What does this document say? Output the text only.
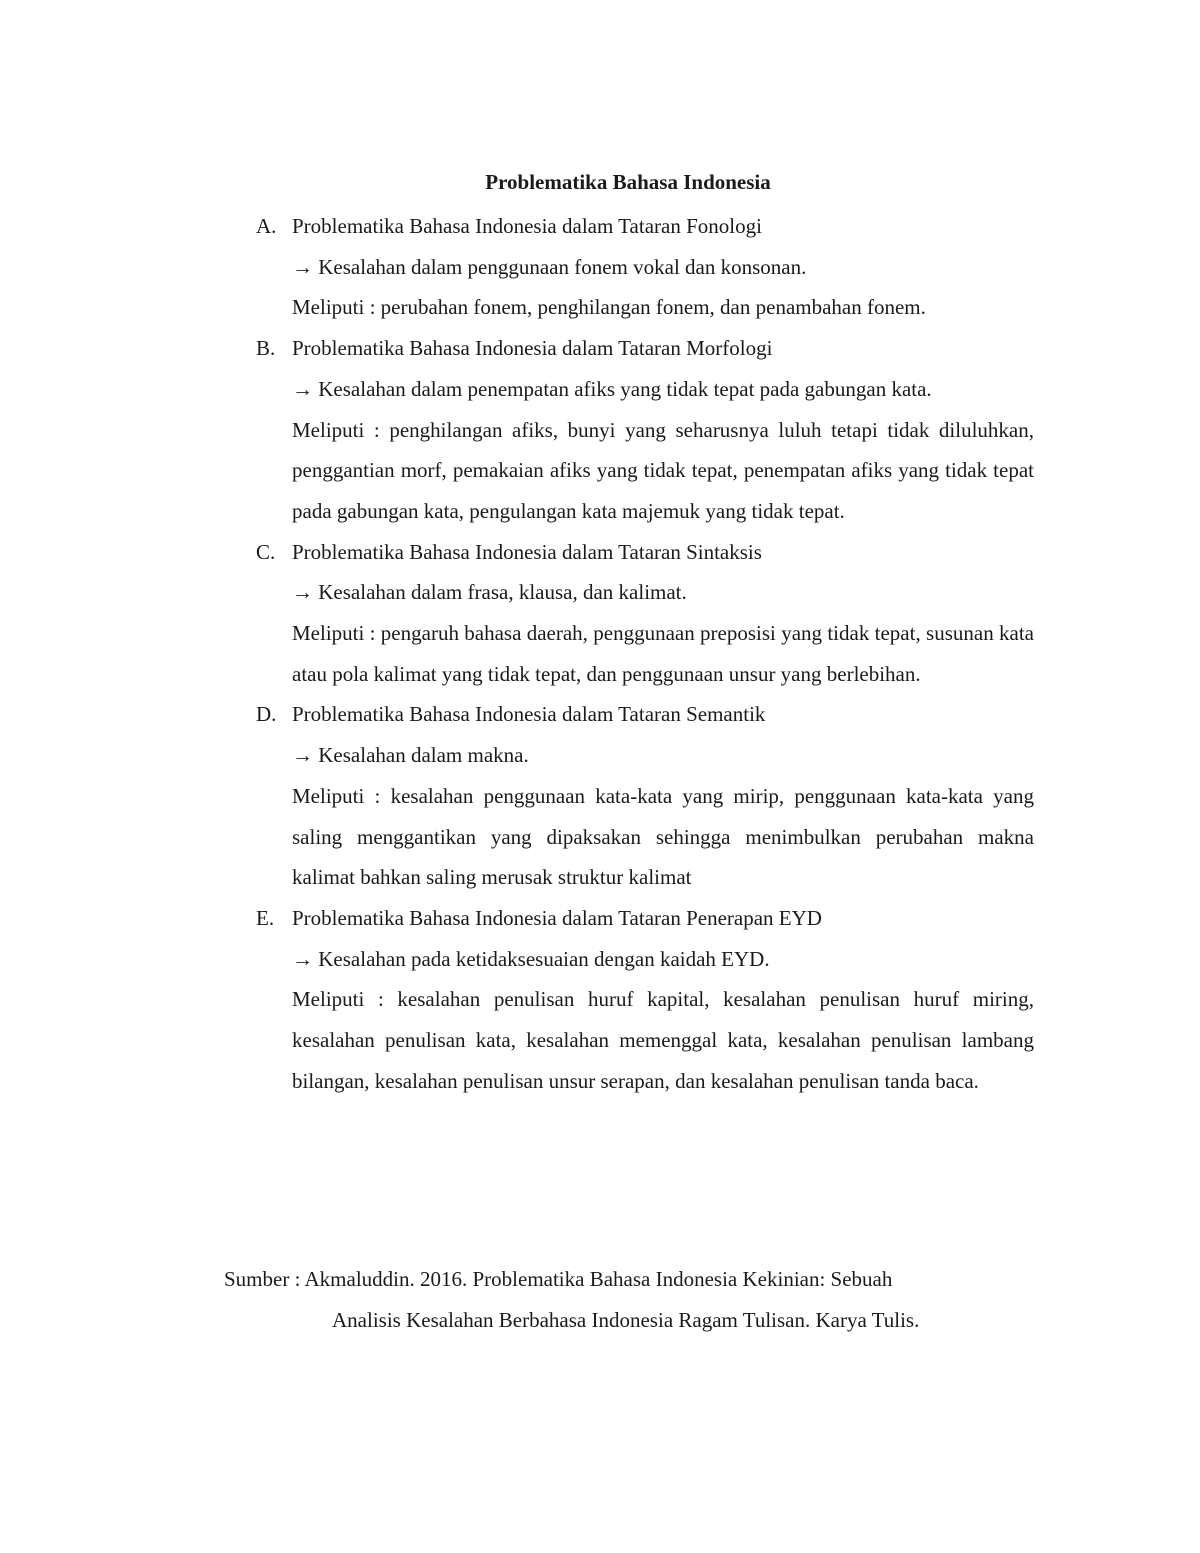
Problematika Bahasa Indonesia
A. Problematika Bahasa Indonesia dalam Tataran Fonologi
→ Kesalahan dalam penggunaan fonem vokal dan konsonan.
Meliputi : perubahan fonem, penghilangan fonem, dan penambahan fonem.
B. Problematika Bahasa Indonesia dalam Tataran Morfologi
→ Kesalahan dalam penempatan afiks yang tidak tepat pada gabungan kata.
Meliputi : penghilangan afiks, bunyi yang seharusnya luluh tetapi tidak diluluhkan, penggantian morf, pemakaian afiks yang tidak tepat, penempatan afiks yang tidak tepat pada gabungan kata, pengulangan kata majemuk yang tidak tepat.
C. Problematika Bahasa Indonesia dalam Tataran Sintaksis
→ Kesalahan dalam frasa, klausa, dan kalimat.
Meliputi : pengaruh bahasa daerah, penggunaan preposisi yang tidak tepat, susunan kata atau pola kalimat yang tidak tepat, dan penggunaan unsur yang berlebihan.
D. Problematika Bahasa Indonesia dalam Tataran Semantik
→ Kesalahan dalam makna.
Meliputi : kesalahan penggunaan kata-kata yang mirip, penggunaan kata-kata yang saling menggantikan yang dipaksakan sehingga menimbulkan perubahan makna kalimat bahkan saling merusak struktur kalimat
E. Problematika Bahasa Indonesia dalam Tataran Penerapan EYD
→ Kesalahan pada ketidaksesuaian dengan kaidah EYD.
Meliputi : kesalahan penulisan huruf kapital, kesalahan penulisan huruf miring, kesalahan penulisan kata, kesalahan memenggal kata, kesalahan penulisan lambang bilangan, kesalahan penulisan unsur serapan, dan kesalahan penulisan tanda baca.
Sumber : Akmaluddin. 2016. Problematika Bahasa Indonesia Kekinian: Sebuah
Analisis Kesalahan Berbahasa Indonesia Ragam Tulisan. Karya Tulis.
